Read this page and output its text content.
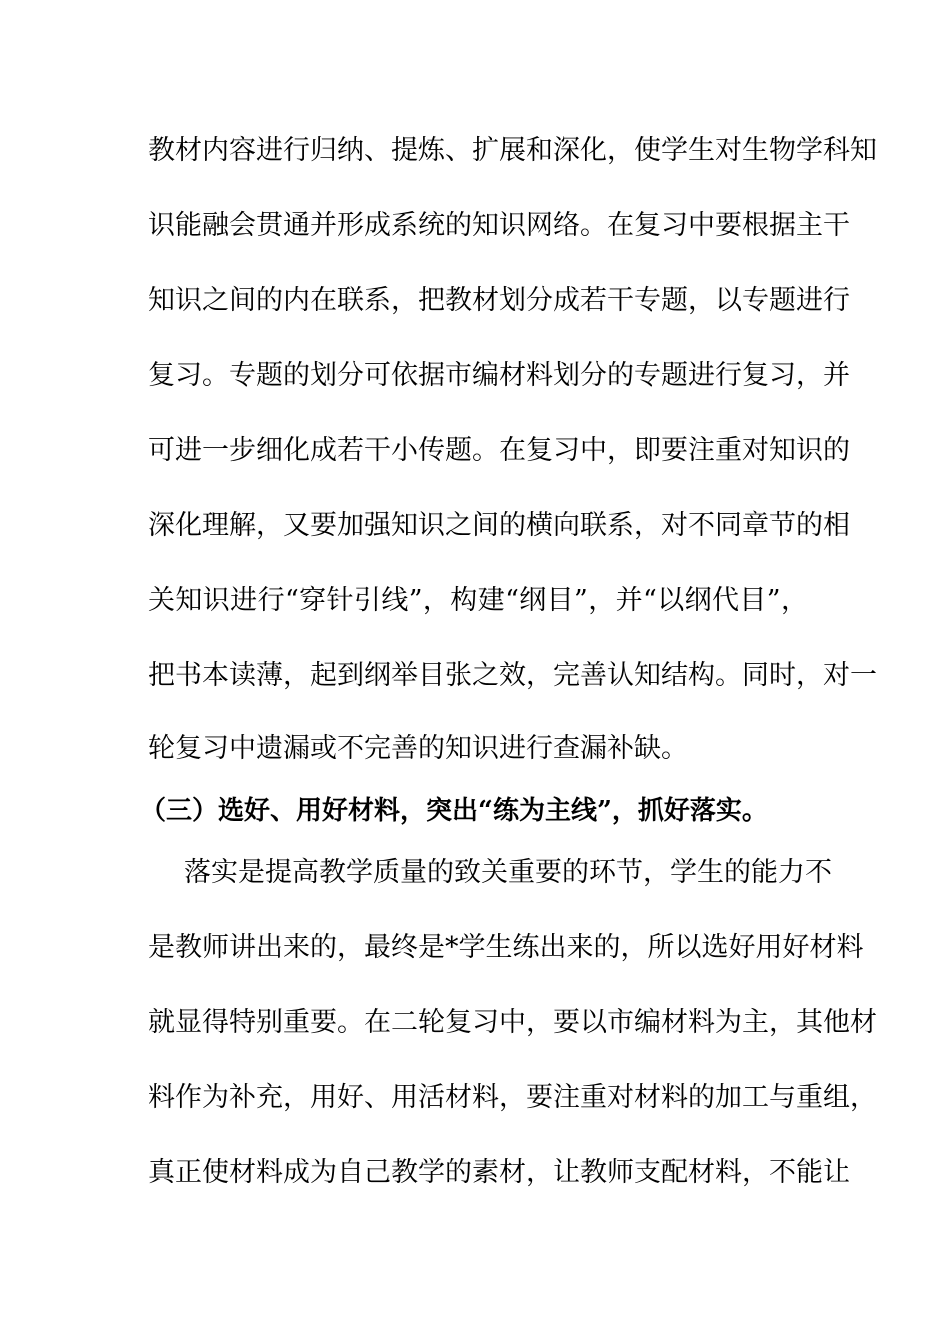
教材内容进行归纳、提炼、扩展和深化，使学生对生物学科知
识能融会贯通并形成系统的知识网络。在复习中要根据主干
知识之间的内在联系，把教材划分成若干专题，以专题进行
复习。专题的划分可依据市编材料划分的专题进行复习，并
可进一步细化成若干小传题。在复习中，即要注重对知识的
深化理解，又要加强知识之间的横向联系，对不同章节的相
关知识进行“穿针引线”，构建“纲目”，并“以纲代目”，
把书本读薄，起到纲举目张之效，完善认知结构。同时，对一
轮复习中遗漏或不完善的知识进行查漏补缺。
（三）选好、用好材料，突出“练为主线”，抓好落实。
落实是提高教学质量的致关重要的环节，学生的能力不
是教师讲出来的，最终是*学生练出来的，所以选好用好材料
就显得特别重要。在二轮复习中，要以市编材料为主，其他材
料作为补充，用好、用活材料，要注重对材料的加工与重组，
真正使材料成为自己教学的素材，让教师支配材料，不能让
